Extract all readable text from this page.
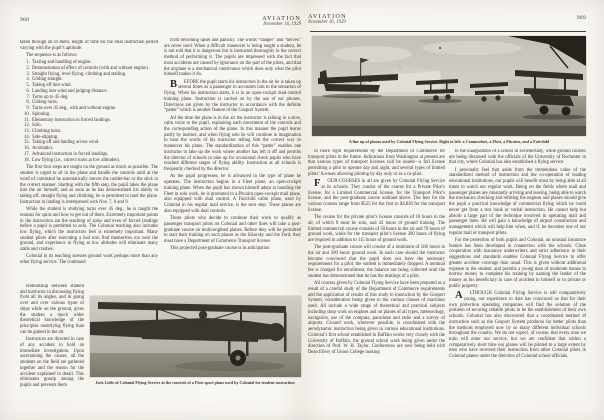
968	AVIATION
November 16, 1929

taken through all of them, length of time for the total instruction period varying with the pupil’s aptitude.

The sequence is as follows:

1. Taxiing and handling of engine.
2. Demonstration of effect of controls (with and without engine).
3. Straight flying, level flying, climbing and stalling.
4. Gliding straight.
5. Taking off into wind.
6. Landing into wind and judging distance.
7. Turns up to 45 deg.
8. Gliding turns.
9. Turns over 45 deg., with and without engine.
10. Spinning.
11. Elementary instruction in forced landings.
12. Solo.
13. Climbing turns.
14. Side-slipping.
15. Taking off and landing across wind.
16. Acrobatics.
17. Advanced instruction in forced landings.
18. Low flying (i.e., correct turns at low altitudes).

The first four steps are taught on the ground as much as possible. The student is urged to sit in the plane and handle the controls until at the word of command he automatically moves the rudder-bar or the stick in the correct manner. Starting with the fifth step, the pupil takes the plane into the air himself, and as soon as he has demonstrated his ability in taking off, straight flying and climbing, he is permitted to land the plane. Instruction in landing is interspersed with Nos. 7, 8 and 9.

While the student is studying turns over 45 deg., he is taught the reasons for spins and how to get out of them. Extremely important points in the instruction are the teaching of spins and even of forced landings before a pupil is permitted to solo. The Colonial teaching also includes low flying, which the instructors feel is extremely important. Many student pilots after executing a bad turn find themselves too near the ground, and experience in flying at low altitudes will eliminate many stalls and crashes.

Colonial in its teaching stresses ground work perhaps more than any other flying service. The continued

from becoming upset and panicky. The words “danger” and “nerves” are never used. When a difficult maneuver is being taught a student, he is not told that it is dangerous but is instructed thoroughly in the correct method of performing it. The pupils are impressed with the fact that most accidents are caused by ignorance on the part of the pilots, and that the airplane is a mechanical contrivance which does only what the pilot himself makes it do.

B EFORE the pupil starts his instruction in the air he is taken up several times as a passenger to accustom him to the sensation of flying. When his instruction starts, it is in an open-cockpit dual-control training plane. Instruction is carried on by the use of ear phones. Directions are given by the instructor in accordance with the definite “patter” which is another feature of the Gosport System.

All the time the plane is in the air the instructor is talking in a slow, calm voice to the pupil, explaining each movement of the controls and the corresponding action of the plane. In this manner the pupil learns partly by instinct, and when flying solo he will continue in imagination to hear the words of his instructor telling him the correct way to maneuver his plane. The standardization of this “patter” enables one instructor to take up the work where another has left it off and permits the director of schools to take up for occasional check pupils who have reached different stages of flying ability. Instruction at all schools is frequently checked by the director.

As the pupil progresses, he is advanced in the type of plane he operates. The instruction begins in a Fleet plane, an open-cockpit training plane. When the pupil has shown himself adept at handling the Fleet in solo work, he is promoted to a Pitcairn open-cockpit mail plane, also equipped with dual control. A Fairchild cabin plane, used by Colonial in his regular mail service, is the next step. These planes are also equipped with dual controls.

Those pilots who decide to continue their work to qualify as passenger transport pilots on Colonial and other lines will take a post-graduate course on multi-engined planes. Before they will be permitted to start their training on such planes as the Sikorsky and the Ford, they must have a Department of Commerce Transport license.

This projected post-graduate course is in anticipation

relationship between student and instructor in discussing flying from all its angles, and in going over and over various types of ships while on the ground, gives the student a much wider theoretical knowledge of the principles underlying flying than can be gained in the air.

Instructors are directed in case of any accident to hold an immediate investigation. Upon ascertaining the causes, all the students on the field are gathered together and the reason for the accident explained in detail. This eliminates gossip among the pupils and prevents them

Jack Little of Colonial Flying Service at the controls of a Fleet sport plane used by Colonial for student instruction
AVIATION
November 16, 1929
969
A line up of planes used by Colonial Flying Service. Right to left: a Commodore, a Fleet, a Pitcairn, and a Fairchild

of more rigid requirements by the Department of Commerce for transport pilots in the future. Indications from Washington at present are that various types of transport licenses will be issued—a full license permitting a pilot to operate day and night, and several types of limited pilots’ licenses allowing piloting by day only or as a co-pilot.

F OUR COURSES in all are given by Colonial Flying Service at its schools. They consist of the course for a Private Pilot’s license, for a Limited Commercial license, for the Transport Pilot’s license, and the post-graduate course outlined above. The fees for the various courses range from $525 for the first to $4,830 for the transport license.

The course for the private pilot’s license consists of 18 hours in the air, of which 8 must be solo, and 42 hours of ground training. The limited commercial course consists of 50 hours in the air and 70 hours of ground work, while for the transport pilot’s license 200 hours of flying are required in addition to 115 hours of ground work.

The post-graduate course will consist of a minimum of 500 hours in the air and 200 hours ground work. In each case should the instructor become convinced that the pupil does not have the necessary requirements for a pilot, the student is immediately dropped. A nominal fee is charged for enrollment, the balance not being collected until the student has demonstrated that he has the makings of a pilot.

All courses given by Colonial Flying Service have been prepared as a result of a careful study of the Department of Commerce requirements and the application of results of this study to instruction by the Gosport System, consideration being given to the various classes of machines used. All include a wide range of theoretical and practical subjects including shop work on engines and on planes of all types, meteorology, navigation, use of the compass, parachute and radio and a survey of airports. Ground work, wherever possible, is coordinated with the aerodynamic instruction being given in various educational institutions. Colonial’s first school established in Buffalo works very closely with the University of Buffalo, the ground school work being given under the direction of Prof. W. H. Taylor. Conferences are now being held with Dean Ellery of Union College looking

to the inauguration of a school in Schenectady, while ground courses are being discussed with the officials of the University of Rochester in that city, where Colonial has also established a flying service.

I personally feel that aside from the tremendous value of the standardized method of instruction and the co-operation of leading educational institutions, our pupils will benefit most by being able at all times to watch our regular work. Being on the fields where mail and passenger planes are constantly arriving and leaving, being able to watch the mechanics checking and refitting the engines and planes should give the pupil a practical knowledge of commercial flying which he could never get from a text book or verbal instruction. He cannot help but absorb a large part of the technique involved in operating mail and passenger lines. He will gain a knowledge of airport construction and management which will help him when, and if, he becomes one of our regular mail or transport pilots.

For the protection of both pupils and Colonial, an unusual insurance feature has been developed in connection with the schools. Close cooperation with insurance underwriters and strict adherence to their suggestions and standards enables Colonial Flying Service to offer greater accident coverage than usual. This is given without additional expense to the student, and permits a young man of moderate means to borrow money to complete his training by naming the lender of the money as his beneficiary in case of accident to himself or to private or public property.

A LTHOUGH Colonial Flying Service is still comparatively young, our experience to date has convinced us that for their own protection operating companies will find the solution of the problem of securing reliable pilots to be the establishment of their own schools. Colonial has also discovered that a coordinated method of instruction such as the Gosport System produces far better pilots than the methods employed now by so many different individual schools throughout the country. We do not expect, of course, that every man we train will enter our service, but we are confident that within a comparatively short time our planes will be piloted to a large extent by men who have received their instruction from other Colonial pilots in Colonial planes under the direction of Colonial school officials.
